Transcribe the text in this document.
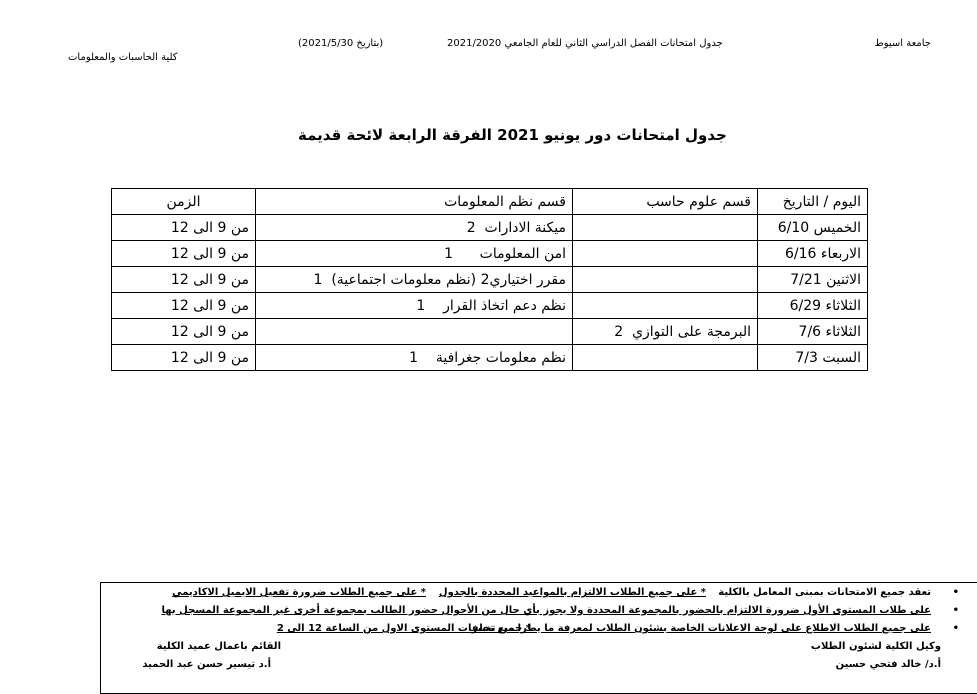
جامعة اسيوط
جدول امتحانات الفصل الدراسي الثاني للعام الجامعي 2021/2020
(بتاريخ 2021/5/30)
كلية الحاسبات والمعلومات
جدول امتحانات دور يونيو 2021 الفرقة الرابعة لائحة قديمة
اليوم / التاريخ	قسم علوم حاسب	قسم نظم المعلومات	الزمن
الخميس 6/10		ميكنة الادارات  2	من 9 الى 12
الاربعاء 6/16		امن المعلومات      1	من 9 الى 12
الاثنين 7/21		مقرر اختياري2 (نظم معلومات اجتماعية)  1	من 9 الى 12
الثلاثاء 6/29		نظم دعم اتخاذ القرار    1	من 9 الى 12
الثلاثاء 7/6	البرمجة على التوازي  2		من 9 الى 12
السبت 7/3		نظم معلومات جغرافية    1	من 9 الى 12
تعقد جميع الامتحانات بمبنى المعامل بالكلية
* على جميع الطلاب الالتزام بالمواعيد المحددة بالجدول
* على جميع الطلاب ضرورة تفعيل الايميل الاكاديمي
على طلاب المستوى الأول ضرورة الالتزام بالحضور بالمجموعة المحددة ولا يجوز بأي حال من الأحوال حضور الطالب بمجموعة أخرى غير المجموعة المسجل بها
على جميع الطلاب الاطلاع على لوحة الاعلانات الخاصة بشئون الطلاب لمعرفة ما يطرا من تغيير
* جميع تخلفات المستوى الاول من الساعة 12 الى 2
•
•
•
وكيل الكلية لشئون الطلاب
أ.د/ خالد فتحي حسين
القائم باعمال عميد الكلية
أ.د تيسير حسن عبد الحميد
